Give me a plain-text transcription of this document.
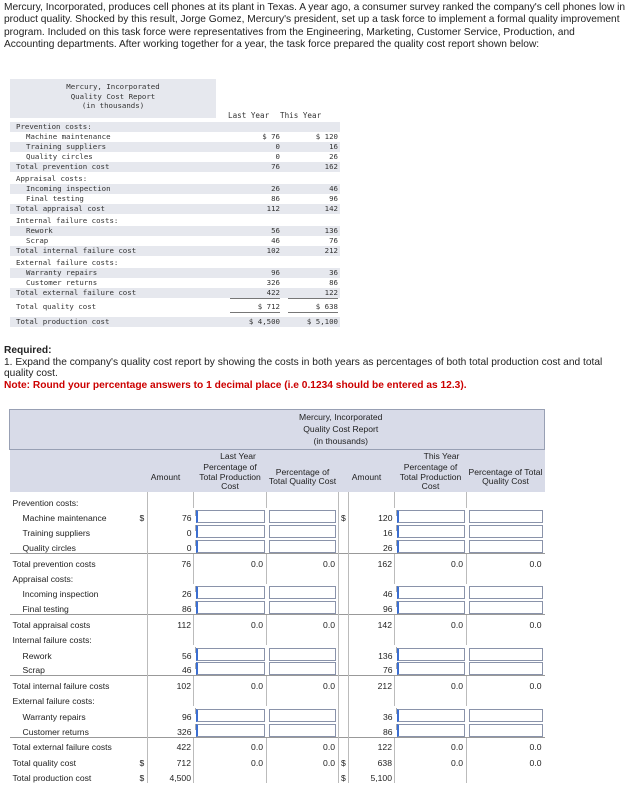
Mercury, Incorporated, produces cell phones at its plant in Texas. A year ago, a consumer survey ranked the company's cell phones low in product quality. Shocked by this result, Jorge Gomez, Mercury's president, set up a task force to implement a formal quality improvement program. Included on this task force were representatives from the Engineering, Marketing, Customer Service, Production, and Accounting departments. After working together for a year, the task force prepared the quality cost report shown below:

Mercury, Incorporated
Quality Cost Report
(in thousands)
Last Year This Year
Prevention costs:
Machine maintenance	$ 76	$ 120
Training suppliers	0	16
Quality circles	0	26
Total prevention cost	76	162
Appraisal costs:
Incoming inspection	26	46
Final testing	86	96
Total appraisal cost	112	142
Internal failure costs:
Rework	56	136
Scrap	46	76
Total internal failure cost	102	212
External failure costs:
Warranty repairs	96	36
Customer returns	326	86
Total external failure cost	422	122
Total quality cost	$ 712	$ 638
Total production cost	$ 4,500	$ 5,100
Required:
1. Expand the company's quality cost report by showing the costs in both years as percentages of both total production cost and total quality cost.
Note: Round your percentage answers to 1 decimal place (i.e 0.1234 should be entered as 12.3).

	Mercury, Incorporated
Quality Cost Report
(in thousands)							

	Last Year				This Year			
	Amount		Percentage of Total Production Cost	Percentage of Total Quality Cost	Amount		Percentage of Total Production Cost	Percentage of Total Quality Cost
Prevention costs:								
Machine maintenance	$	76			$	120	

Training suppliers		0				16	

Quality circles		0				26	

Total prevention costs		76	0.0	0.0		162	0.0	0.0
Appraisal costs:								
Incoming inspection		26				46	

Final testing		86				96	

Total appraisal costs		112	0.0	0.0		142	0.0	0.0
Internal failure costs:								
Rework		56				136	

Scrap		46				76	

Total internal failure costs		102	0.0	0.0		212	0.0	0.0
External failure costs:								
Warranty repairs		96				36	

Customer returns		326				86	

Total external failure costs		422	0.0	0.0		122	0.0	0.0
Total quality cost	$	712	0.0	0.0	$	638	0.0	0.0
Total production cost	$	4,500			$	5,100		
